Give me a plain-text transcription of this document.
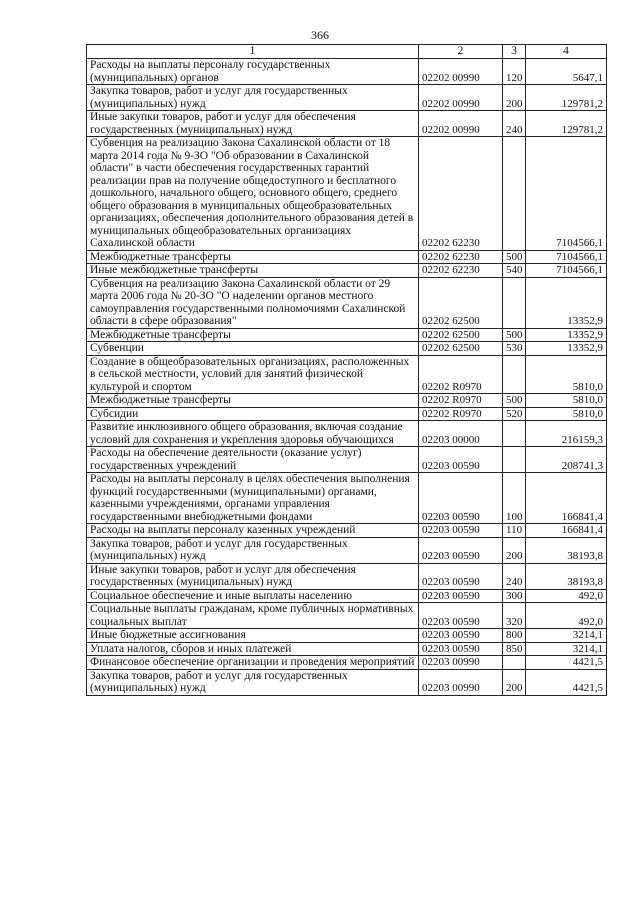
366
1	2	3	4
Расходы на выплаты персоналу государственных (муниципальных) органов	02202 00990	120	5647,1
Закупка товаров, работ и услуг для государственных (муниципальных) нужд	02202 00990	200	129781,2
Иные закупки товаров, работ и услуг для обеспечения государственных (муниципальных) нужд	02202 00990	240	129781,2
Субвенция на реализацию Закона Сахалинской области от 18 марта 2014 года № 9-ЗО "Об образовании в Сахалинской области" в части обеспечения государственных гарантий реализации прав на получение общедоступного и бесплатного дошкольного, начального общего, основного общего, среднего общего образования в муниципальных общеобразовательных организациях, обеспечения дополнительного образования детей в муниципальных общеобразовательных организациях Сахалинской области	02202 62230		7104566,1
Межбюджетные трансферты	02202 62230	500	7104566,1
Иные межбюджетные трансферты	02202 62230	540	7104566,1
Субвенция на реализацию Закона Сахалинской области от 29 марта 2006 года № 20-ЗО "О наделении органов местного самоуправления государственными полномочиями Сахалинской области в сфере образования"	02202 62500		13352,9
Межбюджетные трансферты	02202 62500	500	13352,9
Субвенции	02202 62500	530	13352,9
Создание в общеобразовательных организациях, расположенных в сельской местности, условий для занятий физической культурой и спортом	02202 R0970		5810,0
Межбюджетные трансферты	02202 R0970	500	5810,0
Субсидии	02202 R0970	520	5810,0
Развитие инклюзивного общего образования, включая создание условий для сохранения и укрепления здоровья обучающихся	02203 00000		216159,3
Расходы на обеспечение деятельности (оказание услуг) государственных учреждений	02203 00590		208741,3
Расходы на выплаты персоналу в целях обеспечения выполнения функций государственными (муниципальными) органами, казенными учреждениями, органами управления государственными внебюджетными фондами	02203 00590	100	166841,4
Расходы на выплаты персоналу казенных учреждений	02203 00590	110	166841,4
Закупка товаров, работ и услуг для государственных (муниципальных) нужд	02203 00590	200	38193,8
Иные закупки товаров, работ и услуг для обеспечения государственных (муниципальных) нужд	02203 00590	240	38193,8
Социальное обеспечение и иные выплаты населению	02203 00590	300	492,0
Социальные выплаты гражданам, кроме публичных нормативных социальных выплат	02203 00590	320	492,0
Иные бюджетные ассигнования	02203 00590	800	3214,1
Уплата налогов, сборов и иных платежей	02203 00590	850	3214,1
Финансовое обеспечение организации и проведения мероприятий	02203 00990		4421,5
Закупка товаров, работ и услуг для государственных (муниципальных) нужд	02203 00990	200	4421,5
